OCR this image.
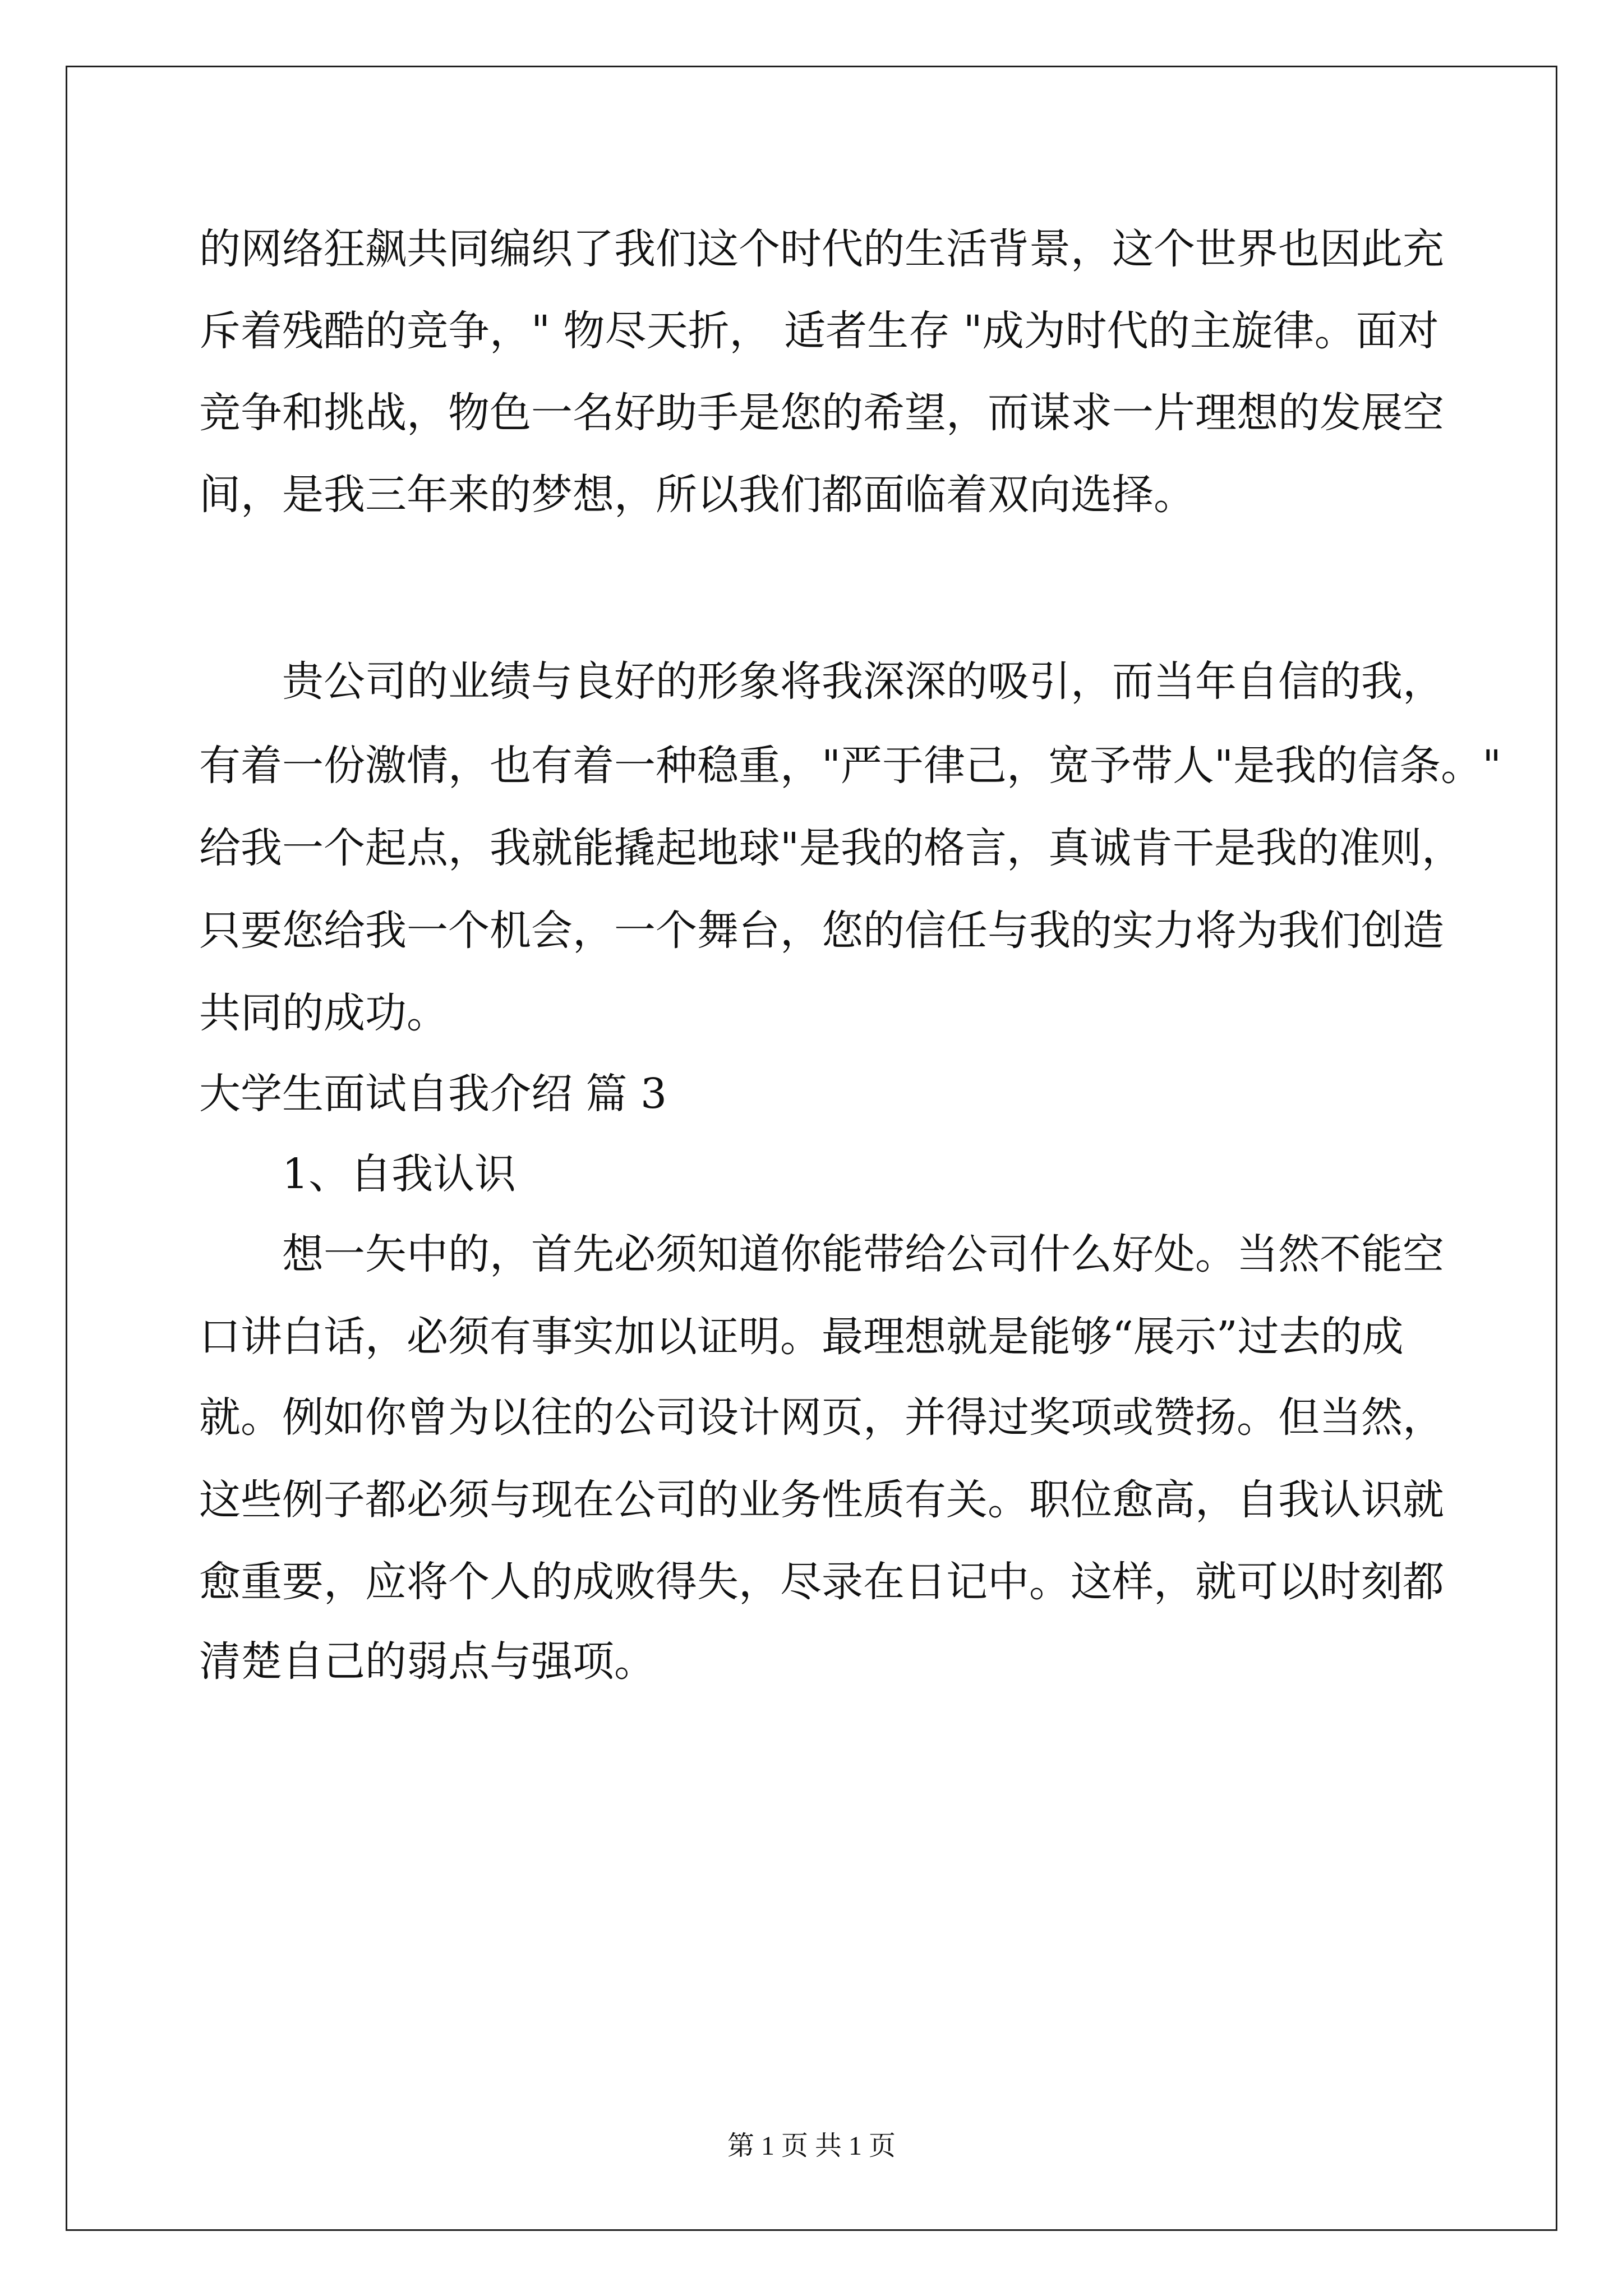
的网络狂飙共同编织了我们这个时代的生活背景，这个世界也因此充
斥着残酷的竞争，" 物尽天折， 适者生存 "成为时代的主旋律。面对
竞争和挑战，物色一名好助手是您的希望，而谋求一片理想的发展空
间，是我三年来的梦想，所以我们都面临着双向选择。
贵公司的业绩与良好的形象将我深深的吸引，而当年自信的我，
有着一份激情，也有着一种稳重，"严于律己，宽予带人"是我的信条。"
给我一个起点，我就能撬起地球"是我的格言，真诚肯干是我的准则，
只要您给我一个机会，一个舞台，您的信任与我的实力将为我们创造
共同的成功。
大学生面试自我介绍 篇 3
1、自我认识
想一矢中的，首先必须知道你能带给公司什么好处。当然不能空
口讲白话，必须有事实加以证明。最理想就是能够“展示”过去的成
就。例如你曾为以往的公司设计网页，并得过奖项或赞扬。但当然，
这些例子都必须与现在公司的业务性质有关。职位愈高，自我认识就
愈重要，应将个人的成败得失，尽录在日记中。这样，就可以时刻都
清楚自己的弱点与强项。
第 1 页 共 1 页
